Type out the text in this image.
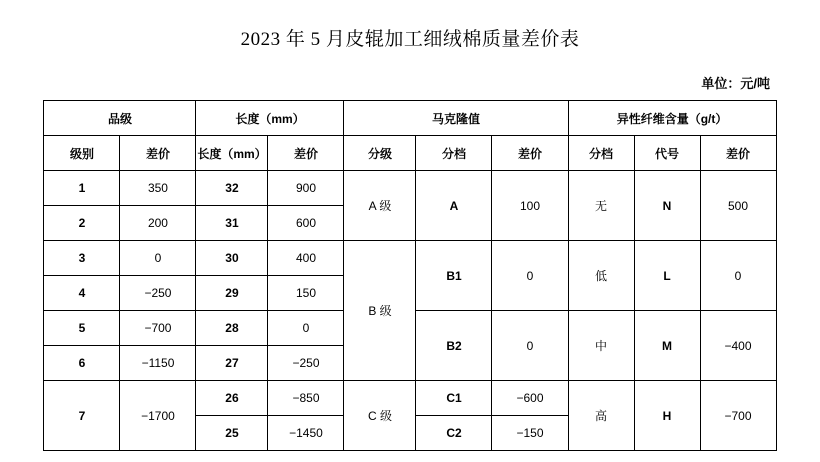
2023 年 5 月皮辊加工细绒棉质量差价表
单位：元/吨
品级		长度（mm）		马克隆值			异性纤维含量（g/t）		
级别	差价	长度（mm）	差价	分级	分档	差价	分档	代号	差价
1	350	32	900	A 级	A	100	无	N	500
2	200	31	600						
3	0	30	400	B 级	B1	0	低	L	0
4	−250	29	150						
5	−700	28	0		B2	0	中	M	−400
6	−1150	27	−250						
7	−1700	26	−850	C 级	C1	−600	高	H	−700
		25	−1450		C2	−150			
